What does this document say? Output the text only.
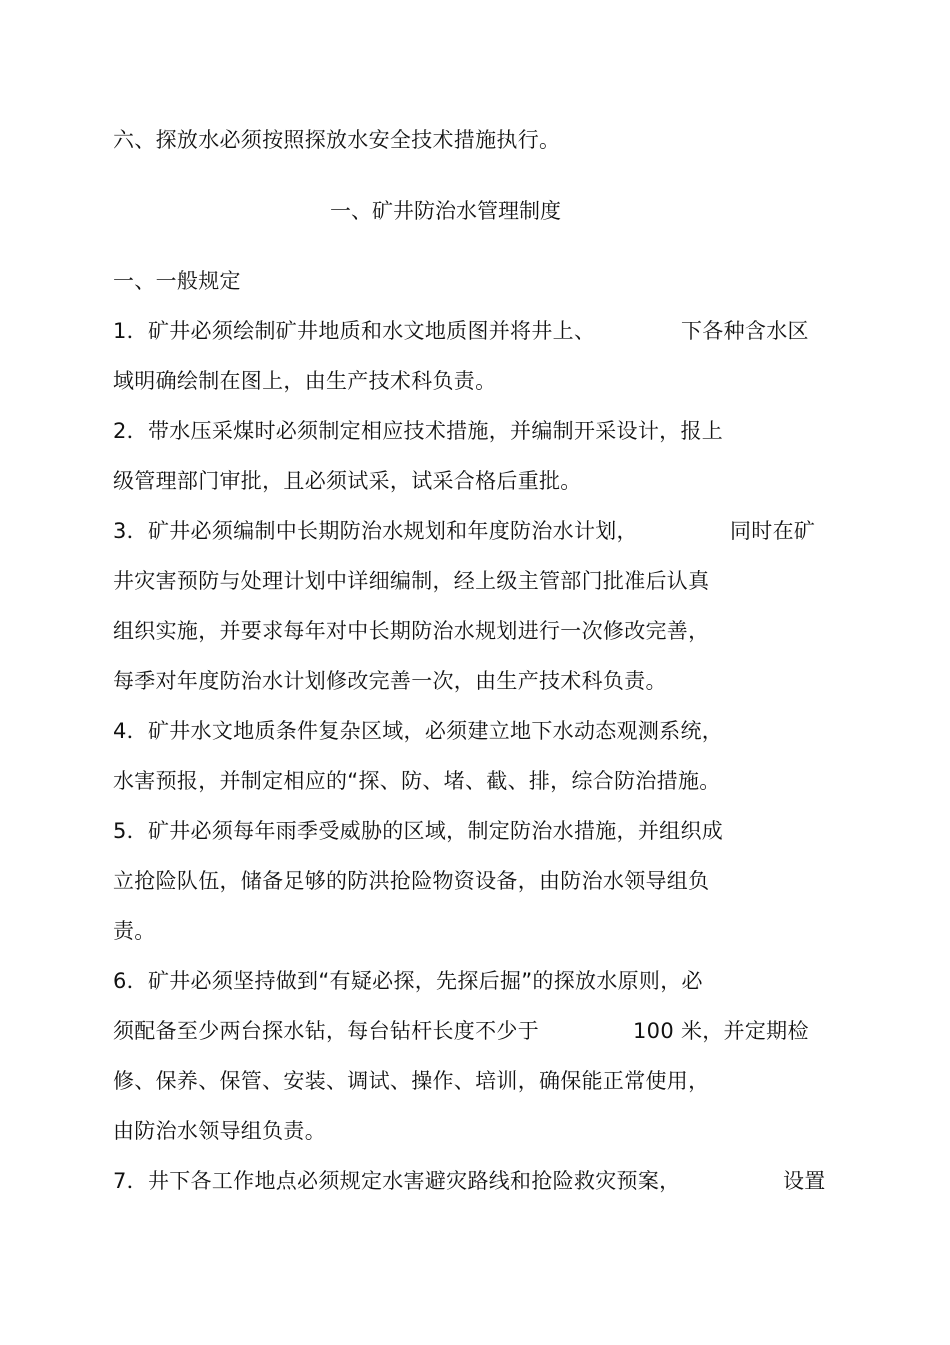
六、探放水必须按照探放水安全技术措施执行。
一、矿井防治水管理制度
一、一般规定
1．矿井必须绘制矿井地质和水文地质图并将井上、	下各种含水区
域明确绘制在图上，由生产技术科负责。
2．带水压采煤时必须制定相应技术措施，并编制开采设计，报上
级管理部门审批，且必须试采，试采合格后重批。
3．矿井必须编制中长期防治水规划和年度防治水计划，	同时在矿
井灾害预防与处理计划中详细编制，经上级主管部门批准后认真
组织实施，并要求每年对中长期防治水规划进行一次修改完善，
每季对年度防治水计划修改完善一次，由生产技术科负责。
4．矿井水文地质条件复杂区域，必须建立地下水动态观测系统，
水害预报，并制定相应的“探、防、堵、截、排，综合防治措施。
5．矿井必须每年雨季受威胁的区域，制定防治水措施，并组织成
立抢险队伍，储备足够的防洪抢险物资设备，由防治水领导组负
责。
6．矿井必须坚持做到“有疑必探，先探后掘”的探放水原则，必
须配备至少两台探水钻，每台钻杆长度不少于	100 米，并定期检
修、保养、保管、安装、调试、操作、培训，确保能正常使用，
由防治水领导组负责。
7．井下各工作地点必须规定水害避灾路线和抢险救灾预案，	设置
